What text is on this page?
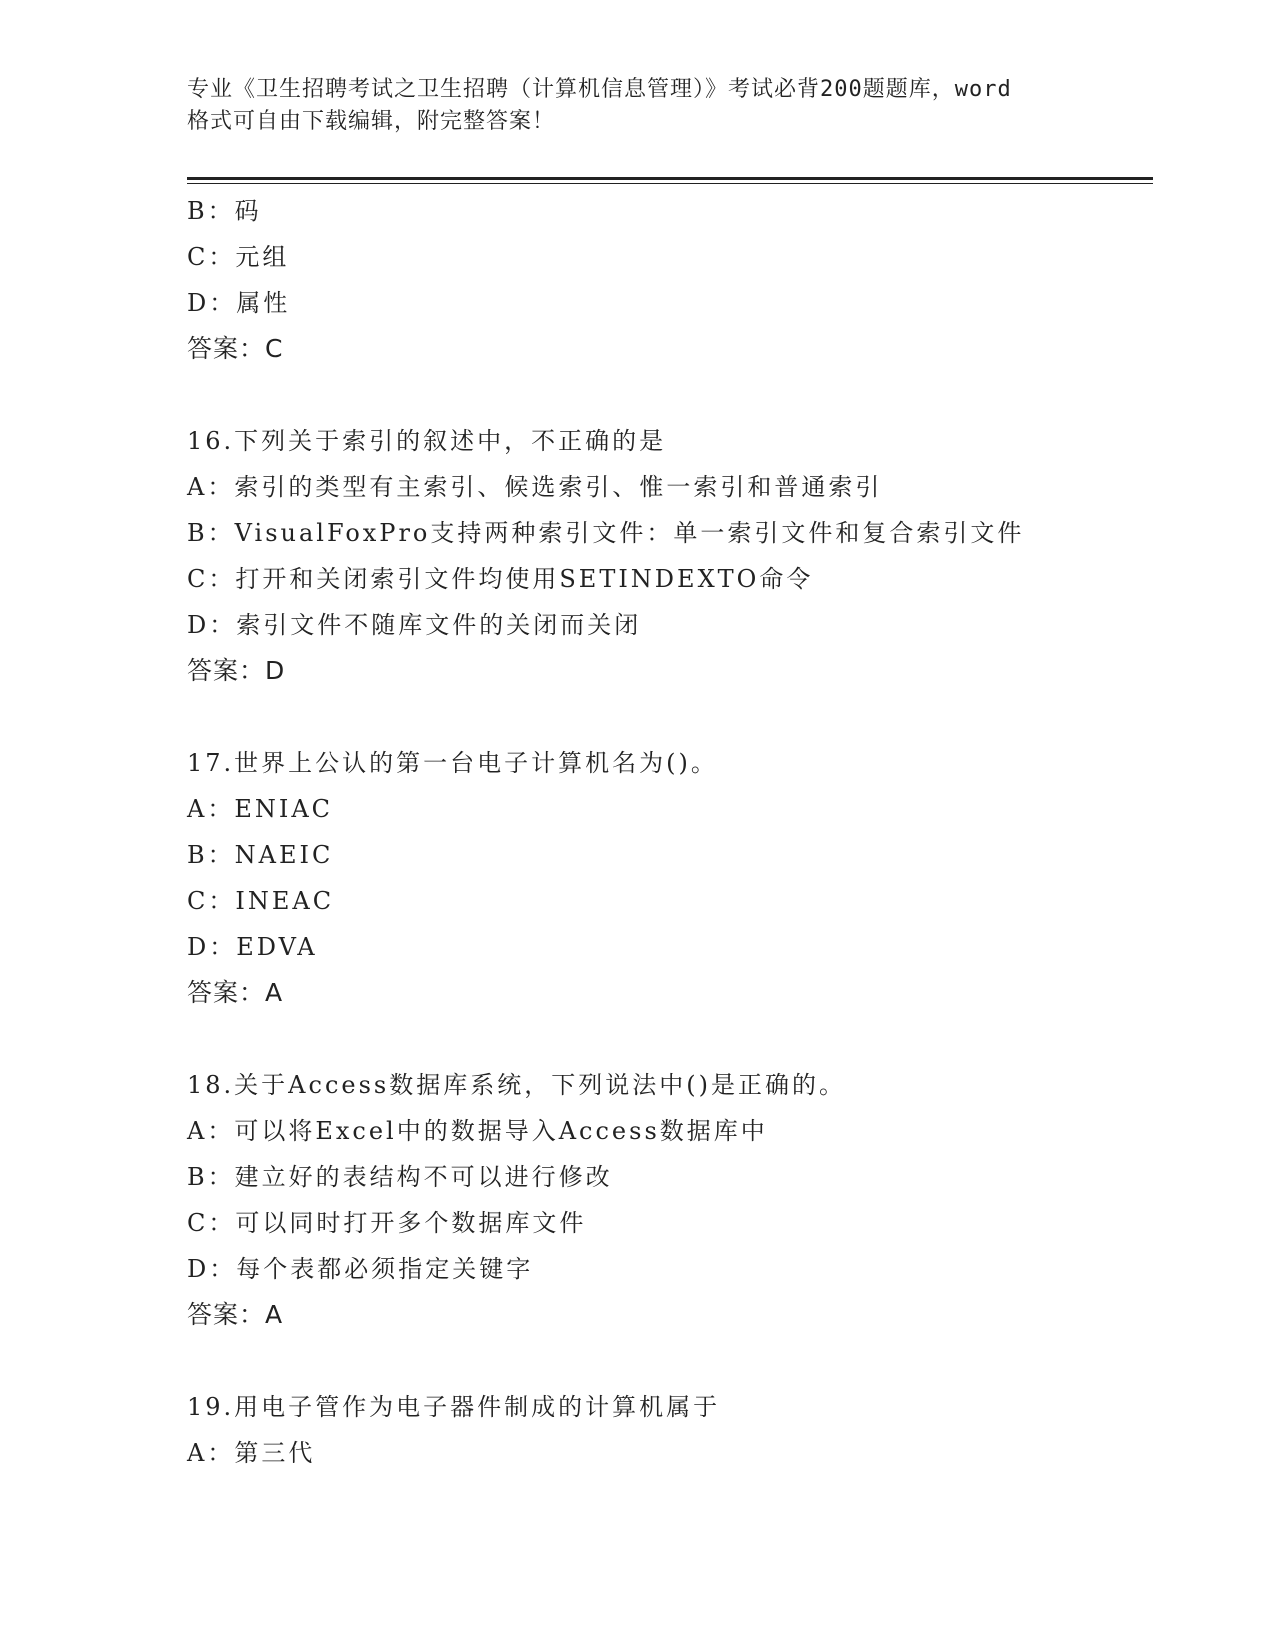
专业《卫生招聘考试之卫生招聘（计算机信息管理）》考试必背200题题库，word
格式可自由下载编辑，附完整答案！
B：码
C：元组
D：属性
答案：C
16.下列关于索引的叙述中，不正确的是
A：索引的类型有主索引、候选索引、惟一索引和普通索引
B：VisualFoxPro支持两种索引文件：单一索引文件和复合索引文件
C：打开和关闭索引文件均使用SETINDEXTO命令
D：索引文件不随库文件的关闭而关闭
答案：D
17.世界上公认的第一台电子计算机名为()。
A：ENIAC
B：NAEIC
C：INEAC
D：EDVA
答案：A
18.关于Access数据库系统，下列说法中()是正确的。
A：可以将Excel中的数据导入Access数据库中
B：建立好的表结构不可以进行修改
C：可以同时打开多个数据库文件
D：每个表都必须指定关键字
答案：A
19.用电子管作为电子器件制成的计算机属于
A：第三代
